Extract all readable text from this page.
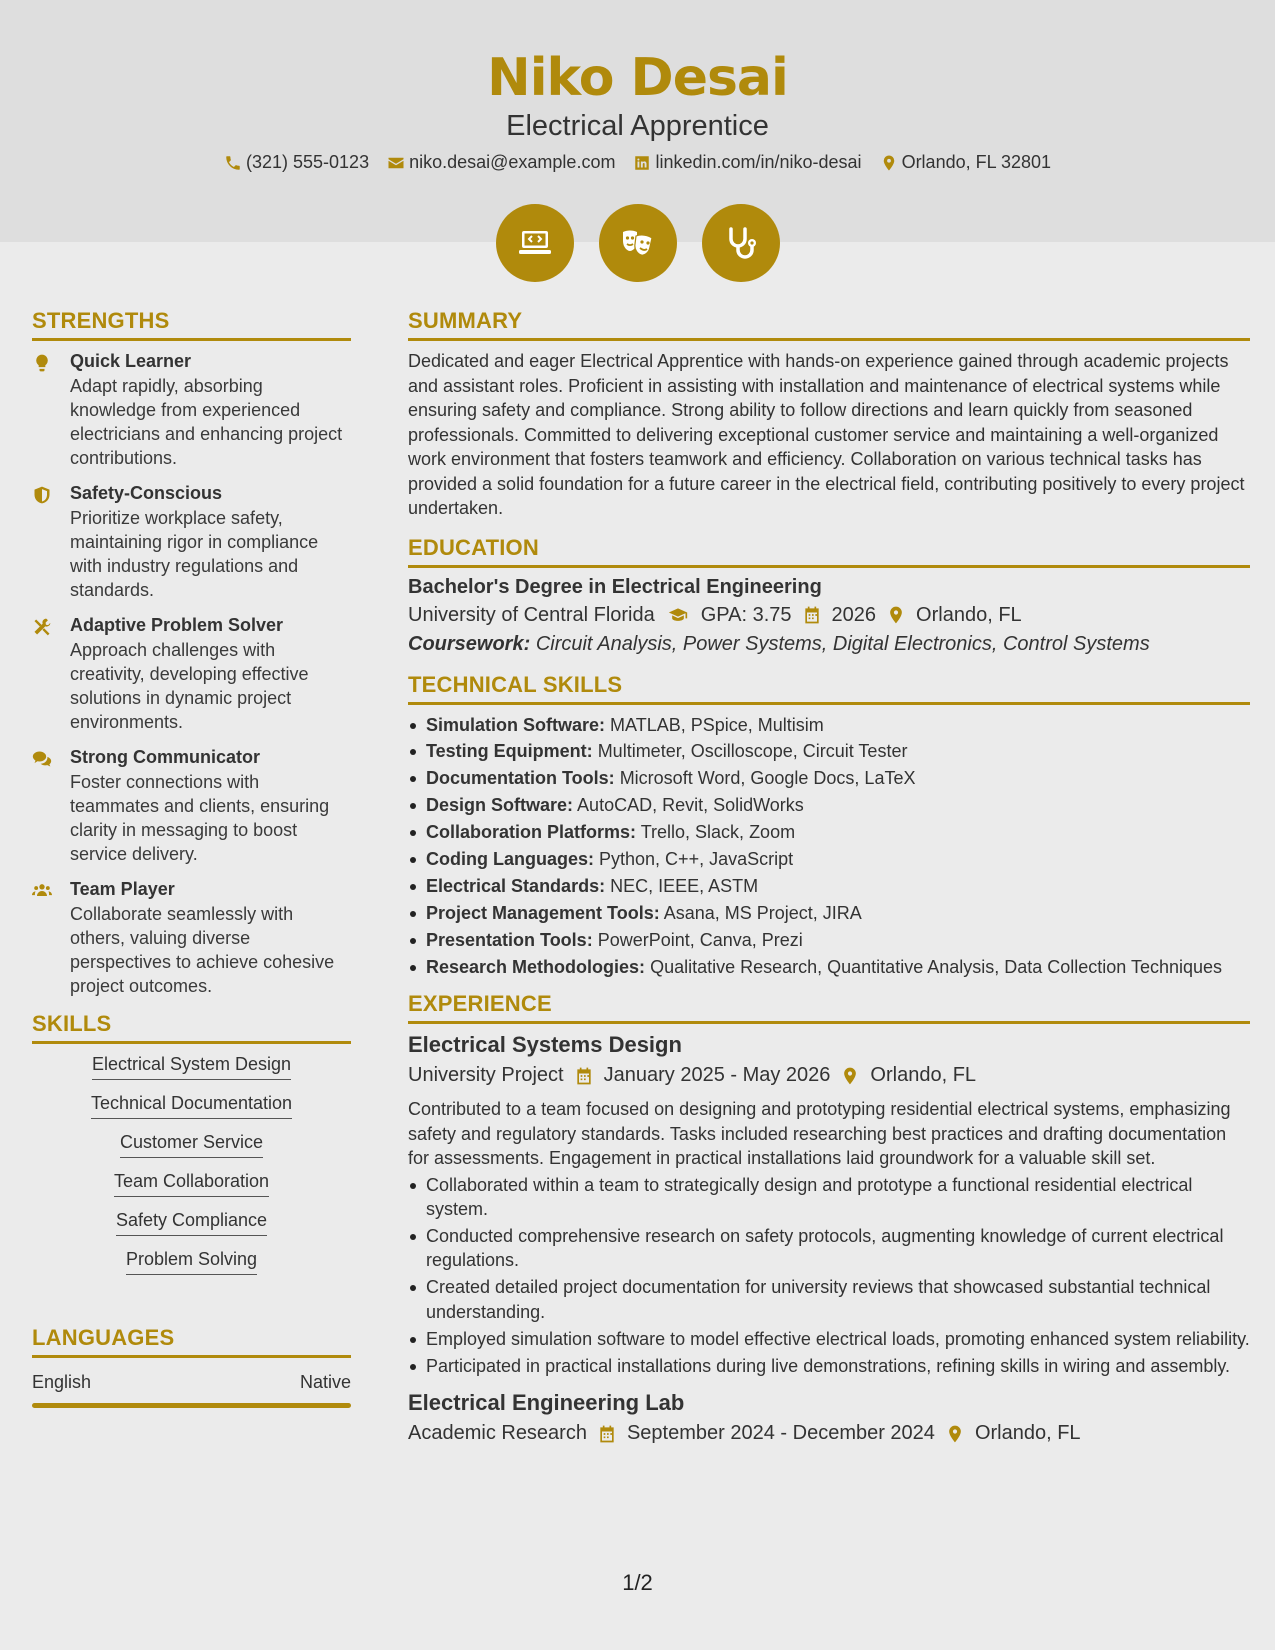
Niko Desai
Electrical Apprentice
(321) 555-0123 niko.desai@example.com linkedin.com/in/niko-desai Orlando, FL 32801
STRENGTHS
Quick Learner
Adapt rapidly, absorbing knowledge from experienced electricians and enhancing project contributions.
Safety-Conscious
Prioritize workplace safety, maintaining rigor in compliance with industry regulations and standards.
Adaptive Problem Solver
Approach challenges with creativity, developing effective solutions in dynamic project environments.
Strong Communicator
Foster connections with teammates and clients, ensuring clarity in messaging to boost service delivery.
Team Player
Collaborate seamlessly with others, valuing diverse perspectives to achieve cohesive project outcomes.
SKILLS
Electrical System Design
Technical Documentation
Customer Service
Team Collaboration
Safety Compliance
Problem Solving
LANGUAGES
English	Native
SUMMARY
Dedicated and eager Electrical Apprentice with hands-on experience gained through academic projects and assistant roles. Proficient in assisting with installation and maintenance of electrical systems while ensuring safety and compliance. Strong ability to follow directions and learn quickly from seasoned professionals. Committed to delivering exceptional customer service and maintaining a well-organized work environment that fosters teamwork and efficiency. Collaboration on various technical tasks has provided a solid foundation for a future career in the electrical field, contributing positively to every project undertaken.
EDUCATION
Bachelor's Degree in Electrical Engineering
University of Central Florida GPA: 3.75 2026 Orlando, FL
Coursework: Circuit Analysis, Power Systems, Digital Electronics, Control Systems
TECHNICAL SKILLS
Simulation Software: MATLAB, PSpice, Multisim
Testing Equipment: Multimeter, Oscilloscope, Circuit Tester
Documentation Tools: Microsoft Word, Google Docs, LaTeX
Design Software: AutoCAD, Revit, SolidWorks
Collaboration Platforms: Trello, Slack, Zoom
Coding Languages: Python, C++, JavaScript
Electrical Standards: NEC, IEEE, ASTM
Project Management Tools: Asana, MS Project, JIRA
Presentation Tools: PowerPoint, Canva, Prezi
Research Methodologies: Qualitative Research, Quantitative Analysis, Data Collection Techniques
EXPERIENCE
Electrical Systems Design
University Project January 2025 - May 2026 Orlando, FL
Contributed to a team focused on designing and prototyping residential electrical systems, emphasizing safety and regulatory standards. Tasks included researching best practices and drafting documentation for assessments. Engagement in practical installations laid groundwork for a valuable skill set.
Collaborated within a team to strategically design and prototype a functional residential electrical system.
Conducted comprehensive research on safety protocols, augmenting knowledge of current electrical regulations.
Created detailed project documentation for university reviews that showcased substantial technical understanding.
Employed simulation software to model effective electrical loads, promoting enhanced system reliability.
Participated in practical installations during live demonstrations, refining skills in wiring and assembly.
Electrical Engineering Lab
Academic Research September 2024 - December 2024 Orlando, FL
1/2
